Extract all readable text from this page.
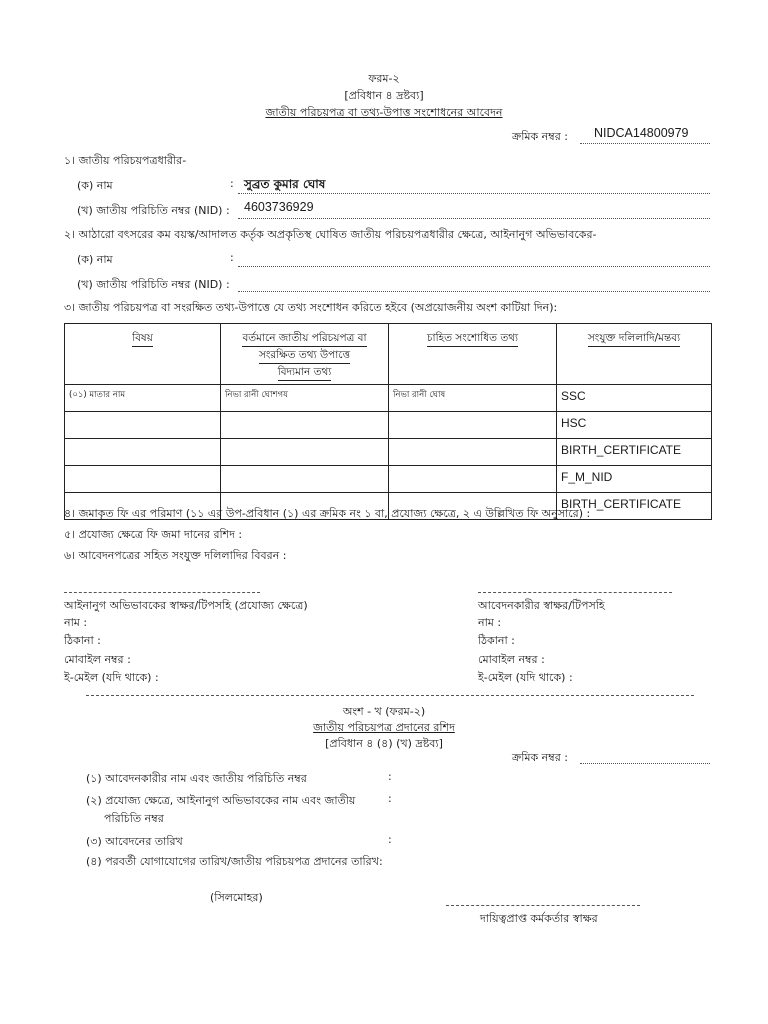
ফরম-২
[প্রবিধান ৪ দ্রষ্টব্য]
জাতীয় পরিচয়পত্র বা তথ্য-উপাত্ত সংশোধনের আবেদন
ক্রমিক নম্বর : NIDCA14800979
১। জাতীয় পরিচয়পত্রধারীর-
(ক) নাম	: সুব্রত কুমার ঘোষ
(খ) জাতীয় পরিচিতি নম্বর (NID) : 4603736929
২। আঠারো বৎসরের কম বয়স্ক/আদালত কর্তৃক অপ্রকৃতিস্থ ঘোষিত জাতীয় পরিচয়পত্রধারীর ক্ষেত্রে, আইনানুগ অভিভাবকের-
(ক) নাম	:
(খ) জাতীয় পরিচিতি নম্বর (NID) :
৩। জাতীয় পরিচয়পত্র বা সংরক্ষিত তথ্য-উপাত্তে যে তথ্য সংশোধন করিতে হইবে (অপ্রয়োজনীয় অংশ কাটিয়া দিন):
বিষয়	বর্তমানে জাতীয় পরিচয়পত্র বা
সংরক্ষিত তথ্য উপাত্তে
বিদ্যমান তথ্য	চাহিত সংশোধিত তথ্য	সংযুক্ত দলিলাদি/মন্তব্য
(০১) মাতার নাম	নিভা রানী ঘোশগয	নিভা রানী ঘোষ	SSC
			HSC
			BIRTH_CERTIFICATE
			F_M_NID
			BIRTH_CERTIFICATE
৪। জমাকৃত ফি এর পরিমাণ (১১ এর উপ-প্রবিধান (১) এর ক্রমিক নং ১ বা, প্রযোজ্য ক্ষেত্রে, ২ এ উল্লিখিত ফি অনুসারে) :
৫। প্রযোজ্য ক্ষেত্রে ফি জমা দানের রশিদ :
৬। আবেদনপত্রের সহিত সংযুক্ত দলিলাদির বিবরন :
আইনানুগ অভিভাবকের স্বাক্ষর/টিপসহি (প্রযোজ্য ক্ষেত্রে)
নাম :
ঠিকানা :
মোবাইল নম্বর :
ই-মেইল (যদি থাকে) :
আবেদনকারীর স্বাক্ষর/টিপসহি
নাম :
ঠিকানা :
মোবাইল নম্বর :
ই-মেইল (যদি থাকে) :
অংশ - খ (ফরম-২)
জাতীয় পরিচয়পত্র প্রদানের রশিদ
[প্রবিধান ৪ (৪) (খ) দ্রষ্টব্য]
ক্রমিক নম্বর :
(১) আবেদনকারীর নাম এবং জাতীয় পরিচিতি নম্বর	:
(২) প্রযোজ্য ক্ষেত্রে, আইনানুগ অভিভাবকের নাম এবং জাতীয়	:
পরিচিতি নম্বর
(৩) আবেদনের তারিখ	:
(৪) পরবর্তী যোগাযোগের তারিখ/জাতীয় পরিচয়পত্র প্রদানের তারিখ:
(সিলমোহর)
দায়িত্বপ্রাপ্ত কর্মকর্তার স্বাক্ষর
